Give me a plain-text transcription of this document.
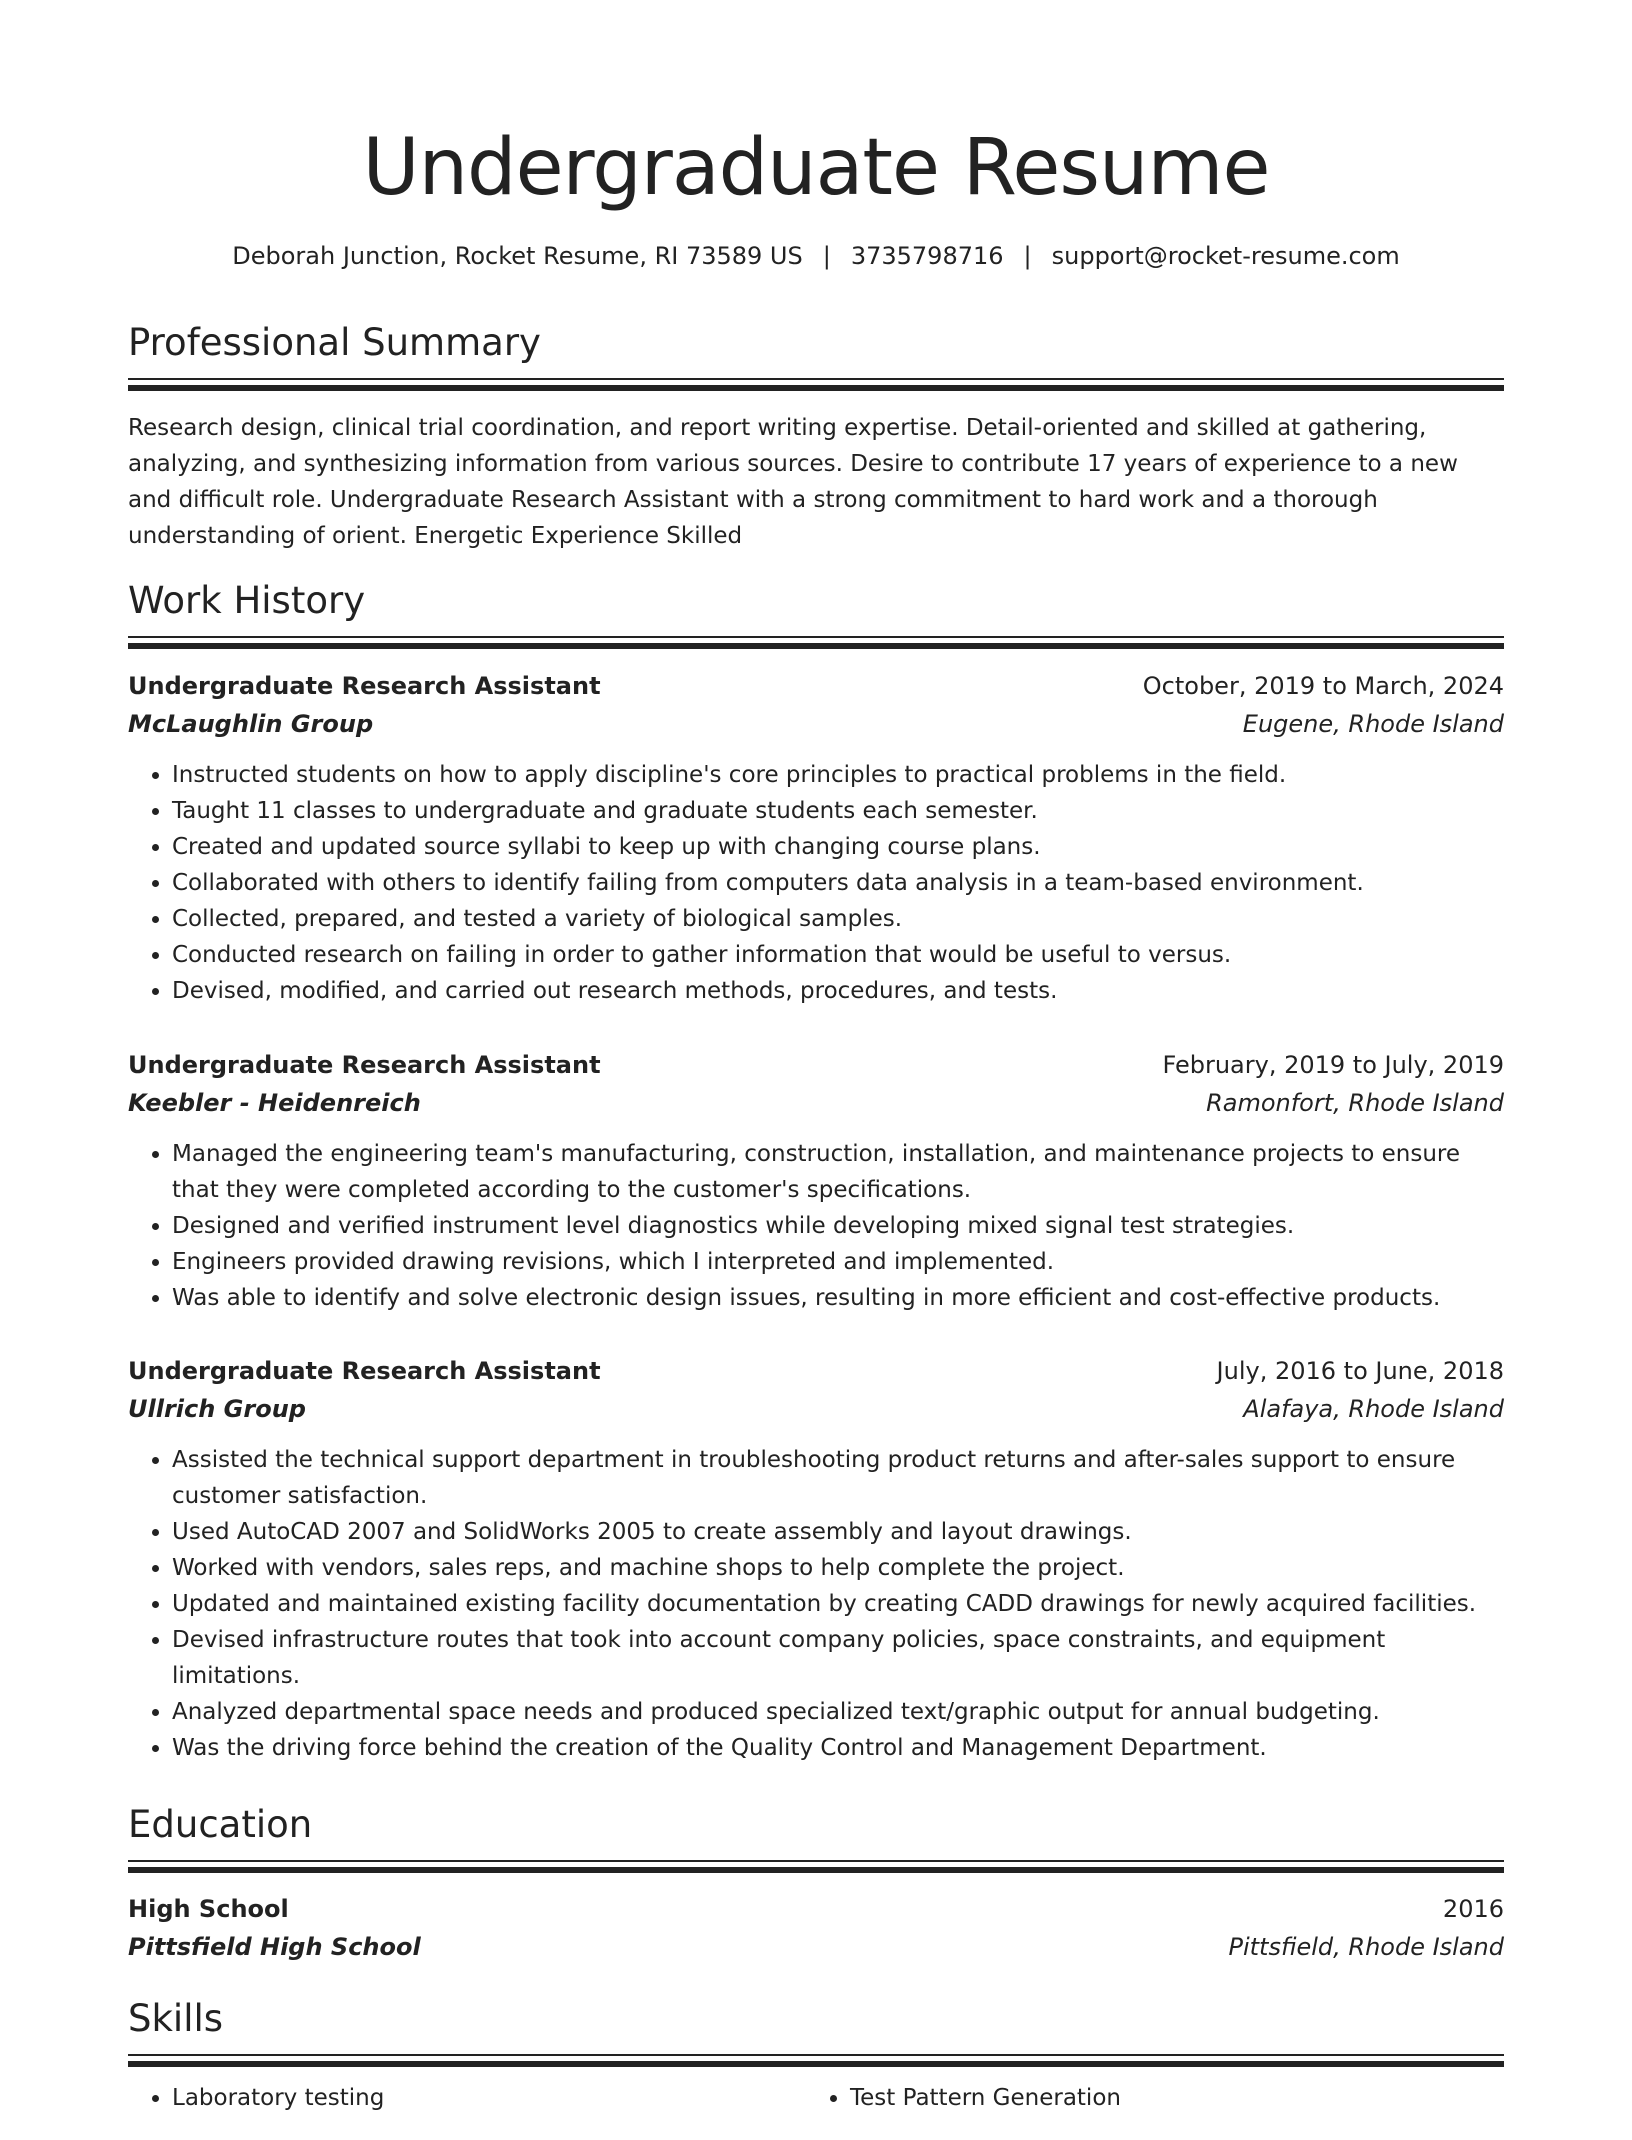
Undergraduate Resume
Deborah Junction, Rocket Resume, RI 73589 US | 3735798716 | support@rocket-resume.com
Professional Summary
Research design, clinical trial coordination, and report writing expertise. Detail-oriented and skilled at gathering, analyzing, and synthesizing information from various sources. Desire to contribute 17 years of experience to a new and difficult role. Undergraduate Research Assistant with a strong commitment to hard work and a thorough understanding of orient. Energetic Experience Skilled
Work History
Undergraduate Research Assistant	October, 2019 to March, 2024
McLaughlin Group	Eugene, Rhode Island
• Instructed students on how to apply discipline's core principles to practical problems in the field.
• Taught 11 classes to undergraduate and graduate students each semester.
• Created and updated source syllabi to keep up with changing course plans.
• Collaborated with others to identify failing from computers data analysis in a team-based environment.
• Collected, prepared, and tested a variety of biological samples.
• Conducted research on failing in order to gather information that would be useful to versus.
• Devised, modified, and carried out research methods, procedures, and tests.
Undergraduate Research Assistant	February, 2019 to July, 2019
Keebler - Heidenreich	Ramonfort, Rhode Island
• Managed the engineering team's manufacturing, construction, installation, and maintenance projects to ensure that they were completed according to the customer's specifications.
• Designed and verified instrument level diagnostics while developing mixed signal test strategies.
• Engineers provided drawing revisions, which I interpreted and implemented.
• Was able to identify and solve electronic design issues, resulting in more efficient and cost-effective products.
Undergraduate Research Assistant	July, 2016 to June, 2018
Ullrich Group	Alafaya, Rhode Island
• Assisted the technical support department in troubleshooting product returns and after-sales support to ensure customer satisfaction.
• Used AutoCAD 2007 and SolidWorks 2005 to create assembly and layout drawings.
• Worked with vendors, sales reps, and machine shops to help complete the project.
• Updated and maintained existing facility documentation by creating CADD drawings for newly acquired facilities.
• Devised infrastructure routes that took into account company policies, space constraints, and equipment limitations.
• Analyzed departmental space needs and produced specialized text/graphic output for annual budgeting.
• Was the driving force behind the creation of the Quality Control and Management Department.
Education
High School	2016
Pittsfield High School	Pittsfield, Rhode Island
Skills
• Laboratory testing
•	Test Pattern Generation
